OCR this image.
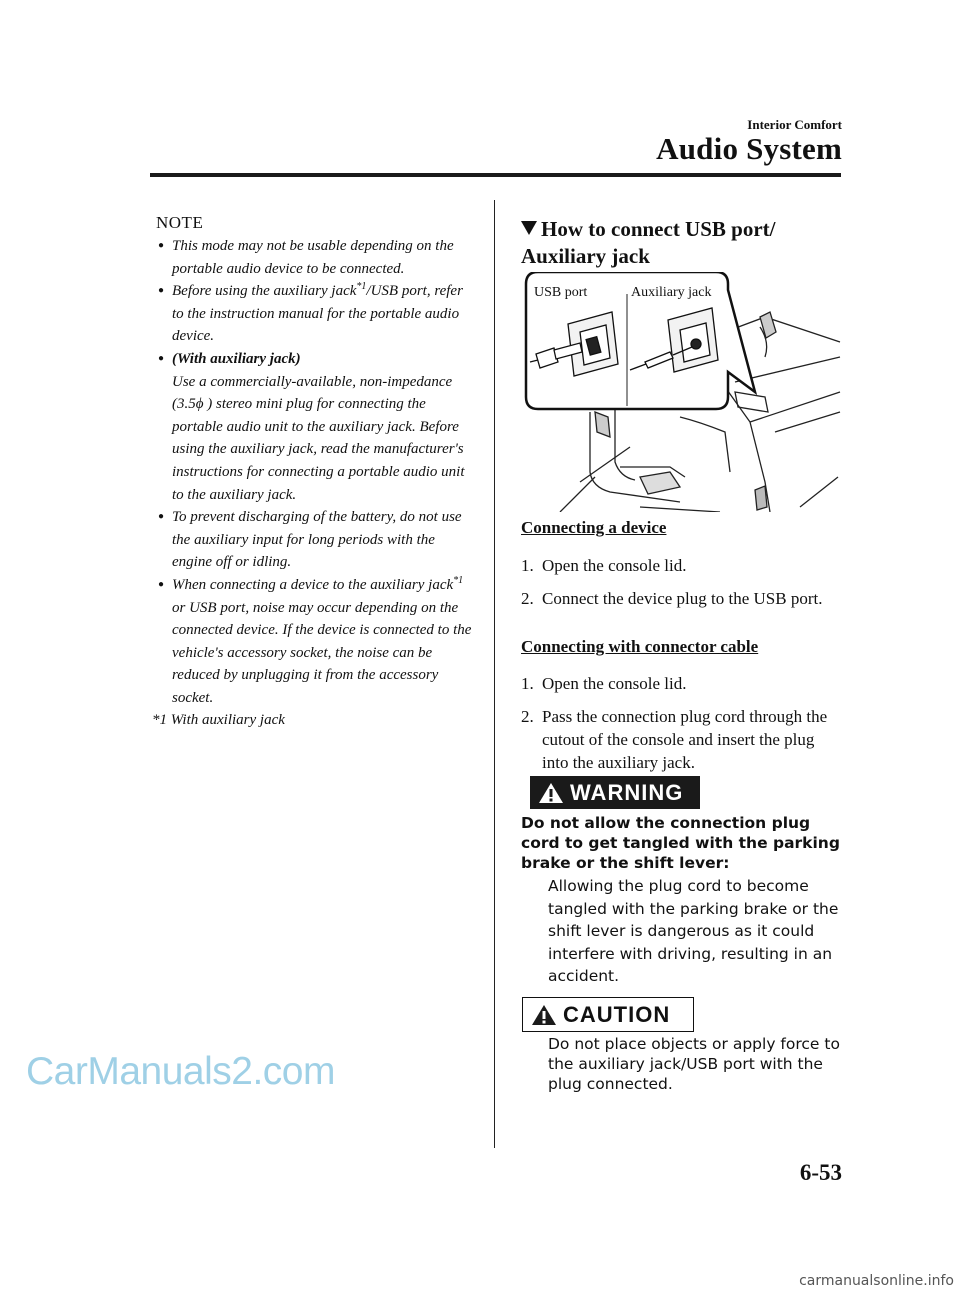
Interior Comfort
Audio System
NOTE
● This mode may not be usable depending on the portable audio device to be connected.
● Before using the auxiliary jack$^{*1}$/USB port, refer to the instruction manual for the portable audio device.
● (With auxiliary jack)
Use a commercially-available, non-impedance (3.5ϕ ) stereo mini plug for connecting the portable audio unit to the auxiliary jack. Before using the auxiliary jack, read the manufacturer's instructions for connecting a portable audio unit to the auxiliary jack.
● To prevent discharging of the battery, do not use the auxiliary input for long periods with the engine off or idling.
● When connecting a device to the auxiliary jack$^{*1}$ or USB port, noise may occur depending on the connected device. If the device is connected to the vehicle's accessory socket, the noise can be reduced by unplugging it from the accessory socket.
*1 With auxiliary jack
How to connect USB port/
Auxiliary jack
USB port	Auxiliary jack
Connecting a device
1. Open the console lid.
2. Connect the device plug to the USB port.
Connecting with connector cable
1. Open the console lid.
2. Pass the connection plug cord through the cutout of the console and insert the plug into the auxiliary jack.
WARNING
Do not allow the connection plug cord to get tangled with the parking brake or the shift lever:
Allowing the plug cord to become tangled with the parking brake or the shift lever is dangerous as it could interfere with driving, resulting in an accident.
CAUTION
Do not place objects or apply force to the auxiliary jack/USB port with the plug connected.
6-53
CarManuals2.com
carmanualsonline.info
